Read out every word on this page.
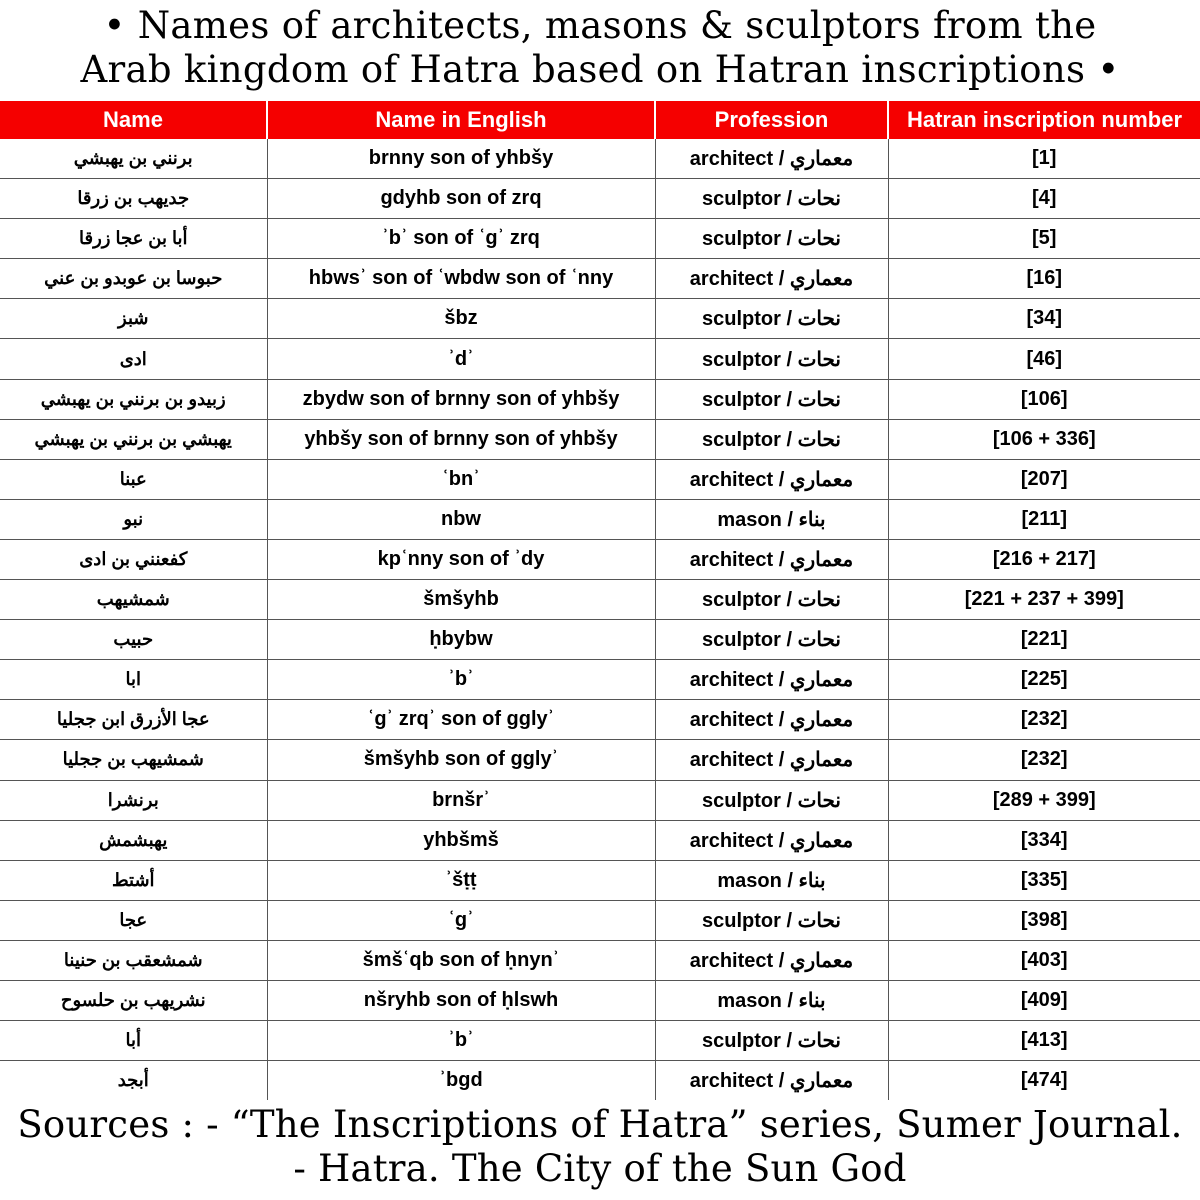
• Names of architects, masons & sculptors from the
Arab kingdom of Hatra based on Hatran inscriptions •
Name	Name in English	Profession	Hatran inscription number
برنني بن يهبشي	brnny son of yhbšy	architect / معماري	[1]
جديهب بن زرقا	gdyhb son of zrq	sculptor / نحات	[4]
أبا بن عجا زرقا	ʾbʾ son of ʿgʾ zrq	sculptor / نحات	[5]
حبوسا بن عوبدو بن عني	hbwsʾ son of ʿwbdw son of ʿnny	architect / معماري	[16]
شبز	šbz	sculptor / نحات	[34]
ادى	ʾdʾ	sculptor / نحات	[46]
زبيدو بن برنني بن يهبشي	zbydw son of brnny son of yhbšy	sculptor / نحات	[106]
يهبشي بن برنني بن يهبشي	yhbšy son of brnny son of yhbšy	sculptor / نحات	[106 + 336]
عبنا	ʿbnʾ	architect / معماري	[207]
نبو	nbw	mason / بناء	[211]
كفعنني بن ادى	kpʿnny son of ʾdy	architect / معماري	[216 + 217]
شمشيهب	šmšyhb	sculptor / نحات	[221 + 237 + 399]
حبيب	ḥbybw	sculptor / نحات	[221]
ابا	ʾbʾ	architect / معماري	[225]
عجا الأزرق ابن ججليا	ʿgʾ zrqʾ son of gglyʾ	architect / معماري	[232]
شمشيهب بن ججليا	šmšyhb son of gglyʾ	architect / معماري	[232]
برنشرا	brnšrʾ	sculptor / نحات	[289 + 399]
يهبشمش	yhbšmš	architect / معماري	[334]
أشتط	ʾšṭṭ	mason / بناء	[335]
عجا	ʿgʾ	sculptor / نحات	[398]
شمشعقب بن حنينا	šmšʿqb son of ḥnynʾ	architect / معماري	[403]
نشريهب بن حلسوح	nšryhb son of ḥlswh	mason / بناء	[409]
أبا	ʾbʾ	sculptor / نحات	[413]
أبجد	ʾbgd	architect / معماري	[474]
Sources : - “The Inscriptions of Hatra” series, Sumer Journal.
- Hatra. The City of the Sun God
